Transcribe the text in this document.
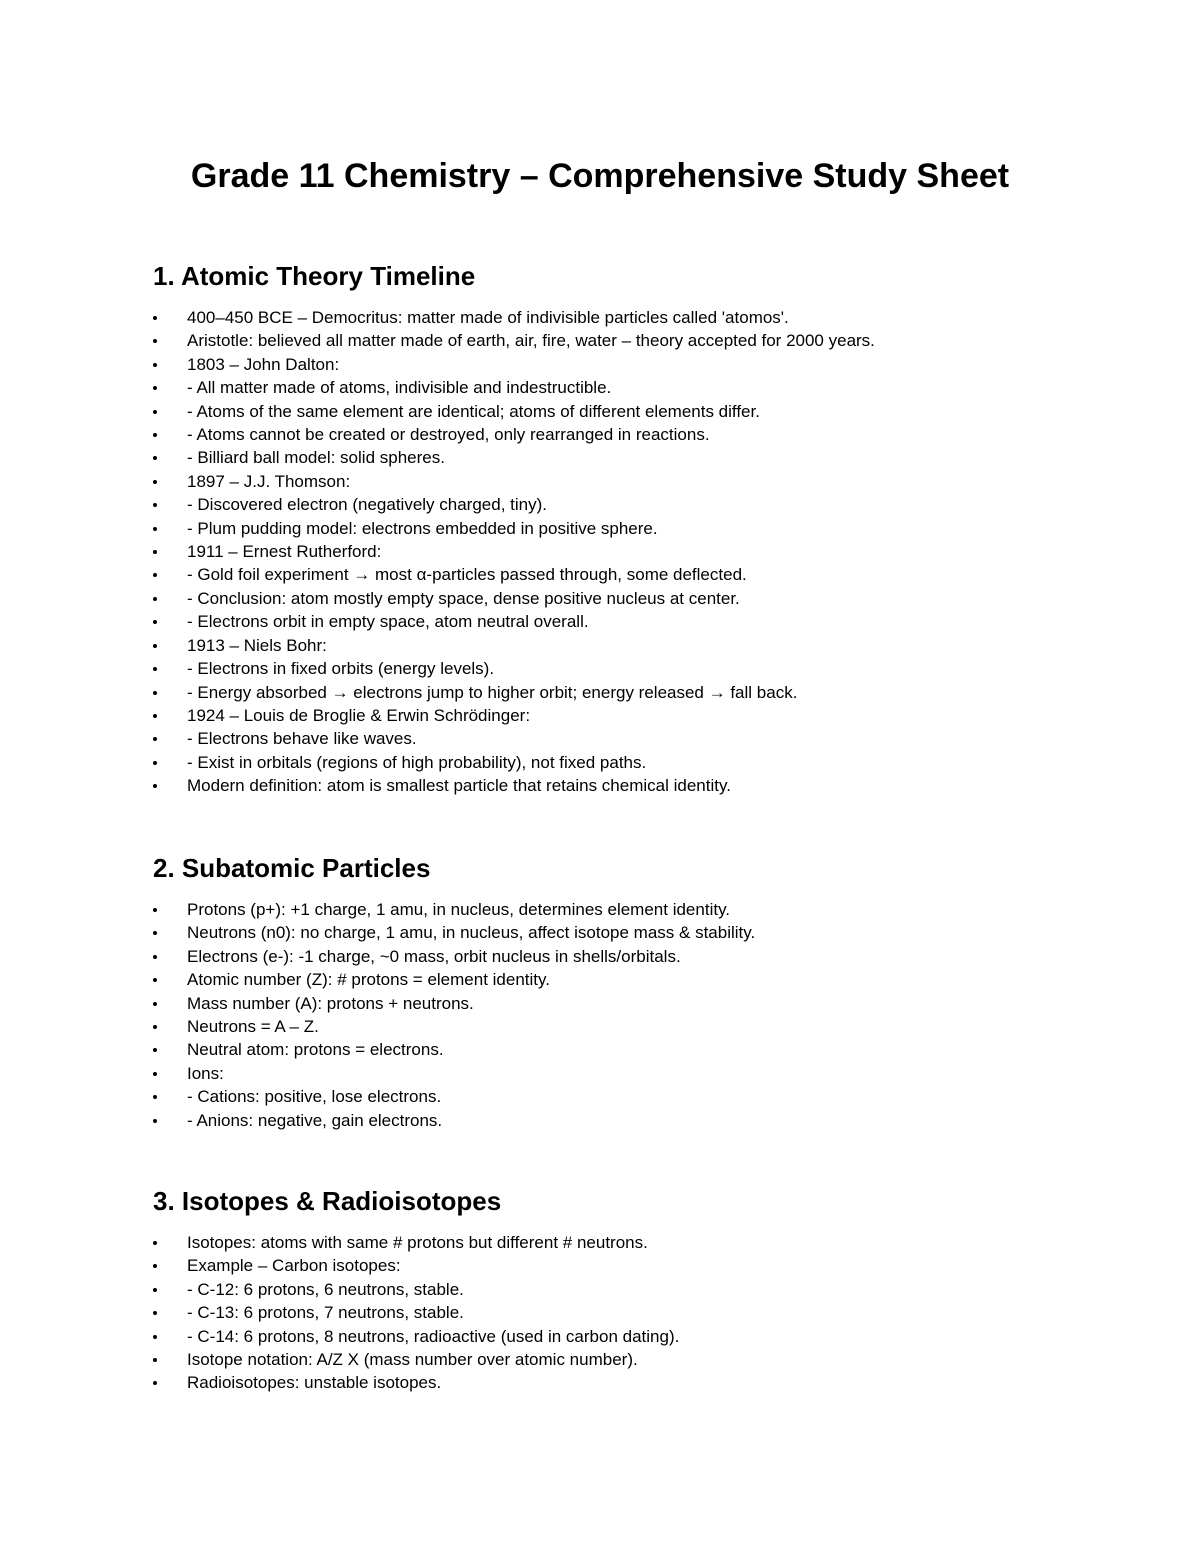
Grade 11 Chemistry – Comprehensive Study Sheet
1. Atomic Theory Timeline
400–450 BCE – Democritus: matter made of indivisible particles called 'atomos'.
Aristotle: believed all matter made of earth, air, fire, water – theory accepted for 2000 years.
1803 – John Dalton:
- All matter made of atoms, indivisible and indestructible.
- Atoms of the same element are identical; atoms of different elements differ.
- Atoms cannot be created or destroyed, only rearranged in reactions.
- Billiard ball model: solid spheres.
1897 – J.J. Thomson:
- Discovered electron (negatively charged, tiny).
- Plum pudding model: electrons embedded in positive sphere.
1911 – Ernest Rutherford:
- Gold foil experiment → most α-particles passed through, some deflected.
- Conclusion: atom mostly empty space, dense positive nucleus at center.
- Electrons orbit in empty space, atom neutral overall.
1913 – Niels Bohr:
- Electrons in fixed orbits (energy levels).
- Energy absorbed → electrons jump to higher orbit; energy released → fall back.
1924 – Louis de Broglie & Erwin Schrödinger:
- Electrons behave like waves.
- Exist in orbitals (regions of high probability), not fixed paths.
Modern definition: atom is smallest particle that retains chemical identity.
2. Subatomic Particles
Protons (p+): +1 charge, 1 amu, in nucleus, determines element identity.
Neutrons (n0): no charge, 1 amu, in nucleus, affect isotope mass & stability.
Electrons (e-): -1 charge, ~0 mass, orbit nucleus in shells/orbitals.
Atomic number (Z): # protons = element identity.
Mass number (A): protons + neutrons.
Neutrons = A – Z.
Neutral atom: protons = electrons.
Ions:
- Cations: positive, lose electrons.
- Anions: negative, gain electrons.
3. Isotopes & Radioisotopes
Isotopes: atoms with same # protons but different # neutrons.
Example – Carbon isotopes:
- C-12: 6 protons, 6 neutrons, stable.
- C-13: 6 protons, 7 neutrons, stable.
- C-14: 6 protons, 8 neutrons, radioactive (used in carbon dating).
Isotope notation: A/Z X (mass number over atomic number).
Radioisotopes: unstable isotopes.
